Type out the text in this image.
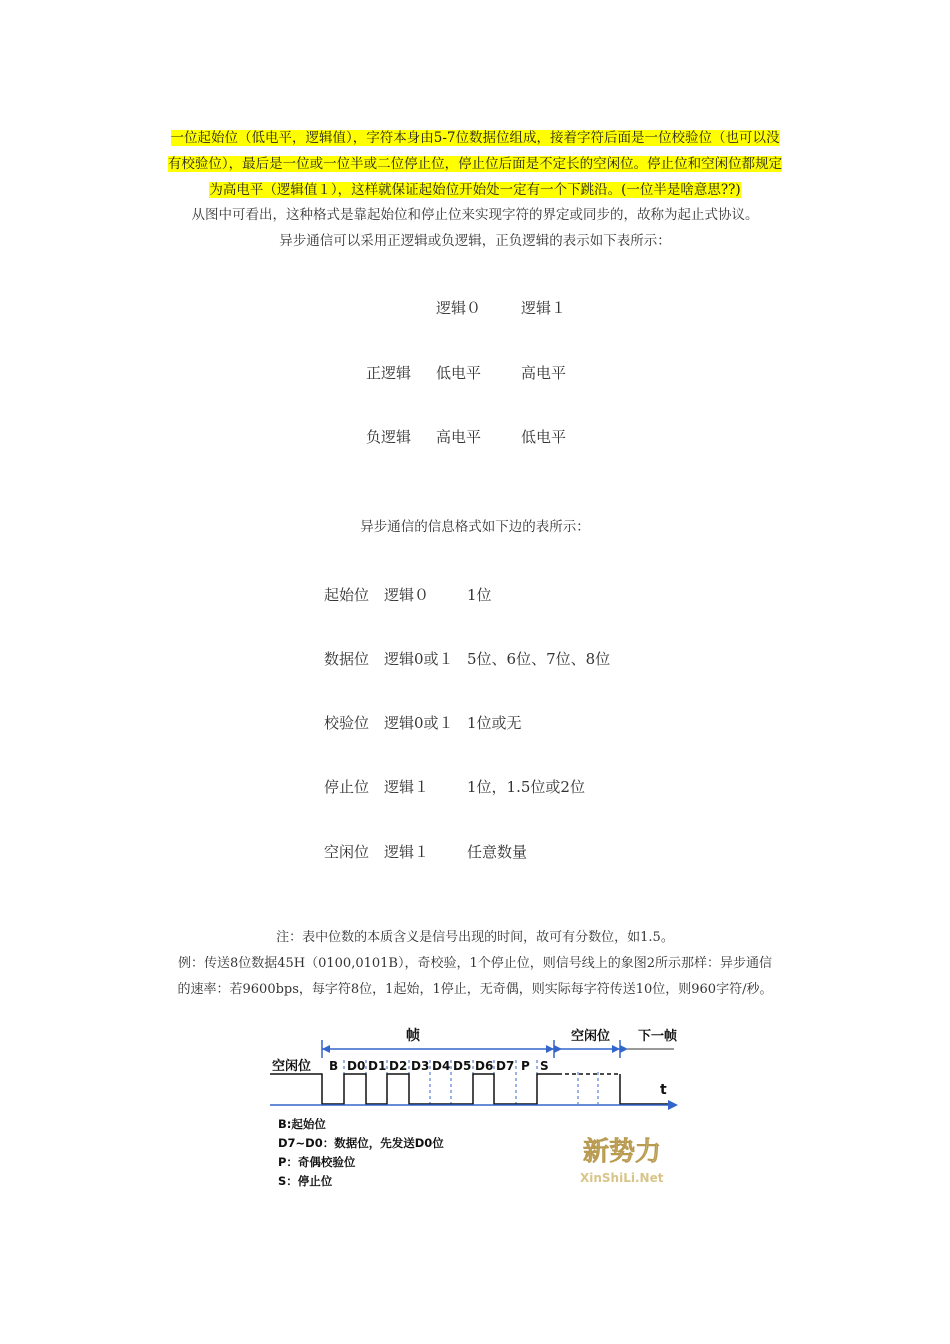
一位起始位（低电平，逻辑值），字符本身由5-7位数据位组成，接着字符后面是一位校验位（也可以没
有校验位），最后是一位或一位半或二位停止位，停止位后面是不定长的空闲位。停止位和空闲位都规定
为高电平（逻辑值１），这样就保证起始位开始处一定有一个下跳沿。(一位半是啥意思??)
从图中可看出，这种格式是靠起始位和停止位来实现字符的界定或同步的，故称为起止式协议。
异步通信可以采用正逻辑或负逻辑，正负逻辑的表示如下表所示：
逻辑０	逻辑１
正逻辑 低电平	高电平
负逻辑 高电平	低电平
异步通信的信息格式如下边的表所示：
起始位 逻辑０	1位
数据位 逻辑0或１ 5位、6位、7位、8位
校验位 逻辑0或１ 1位或无
停止位 逻辑１	1位，1.5位或2位
空闲位 逻辑１	任意数量
注：表中位数的本质含义是信号出现的时间，故可有分数位，如1.5。
例：传送8位数据45H（0100,0101B），奇校验，1个停止位，则信号线上的象图2所示那样：异步通信
的速率：若9600bps，每字符8位，1起始，1停止，无奇偶，则实际每字符传送10位，则960字符/秒。
帧	空闲位 下一帧
空闲位 B D0 D1 D2 D3 D4 D5 D6 D7 P S
t
新势力
XinShiLi.Net
B:起始位
D7~D0：数据位，先发送D0位
P：奇偶校验位
S：停止位
